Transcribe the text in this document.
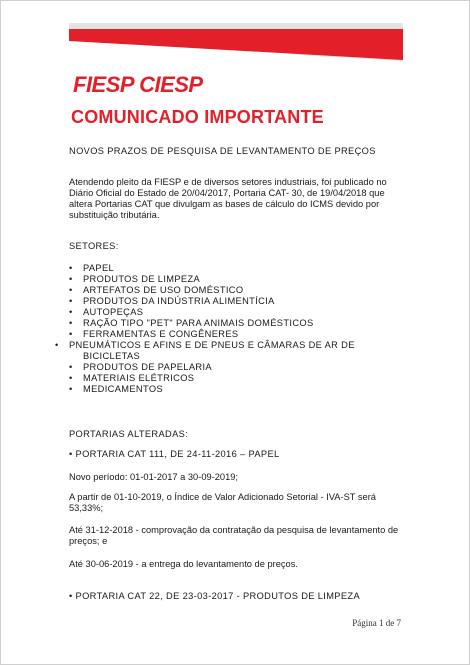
FIESP CIESP
COMUNICADO IMPORTANTE
NOVOS PRAZOS DE PESQUISA DE LEVANTAMENTO DE PREÇOS
Atendendo pleito da FIESP e de diversos setores industriais, foi publicado no Diário Oficial do Estado de 20/04/2017, Portaria CAT- 30, de 19/04/2018 que altera Portarias CAT que divulgam as bases de cálculo do ICMS devido por substituição tributária.
SETORES:
• PAPEL
• PRODUTOS DE LIMPEZA
• ARTEFATOS DE USO DOMÉSTICO
• PRODUTOS DA INDÚSTRIA ALIMENTÍCIA
• AUTOPEÇAS
• RAÇÃO TIPO "PET" PARA ANIMAIS DOMÉSTICOS
• FERRAMENTAS E CONGÊNERES
• PNEUMÁTICOS E AFINS E DE PNEUS E CÂMARAS DE AR DE BICICLETAS
• PRODUTOS DE PAPELARIA
• MATERIAIS ELÉTRICOS
• MEDICAMENTOS
PORTARIAS ALTERADAS:
• PORTARIA CAT 111, DE 24-11-2016 – PAPEL
Novo período: 01-01-2017 a 30-09-2019;
A partir de 01-10-2019, o Índice de Valor Adicionado Setorial - IVA-ST será 53,33%;
Até 31-12-2018 - comprovação da contratação da pesquisa de levantamento de preços; e
Até 30-06-2019 - a entrega do levantamento de preços.
• PORTARIA CAT 22, DE 23-03-2017 - PRODUTOS DE LIMPEZA
Página 1 de 7
